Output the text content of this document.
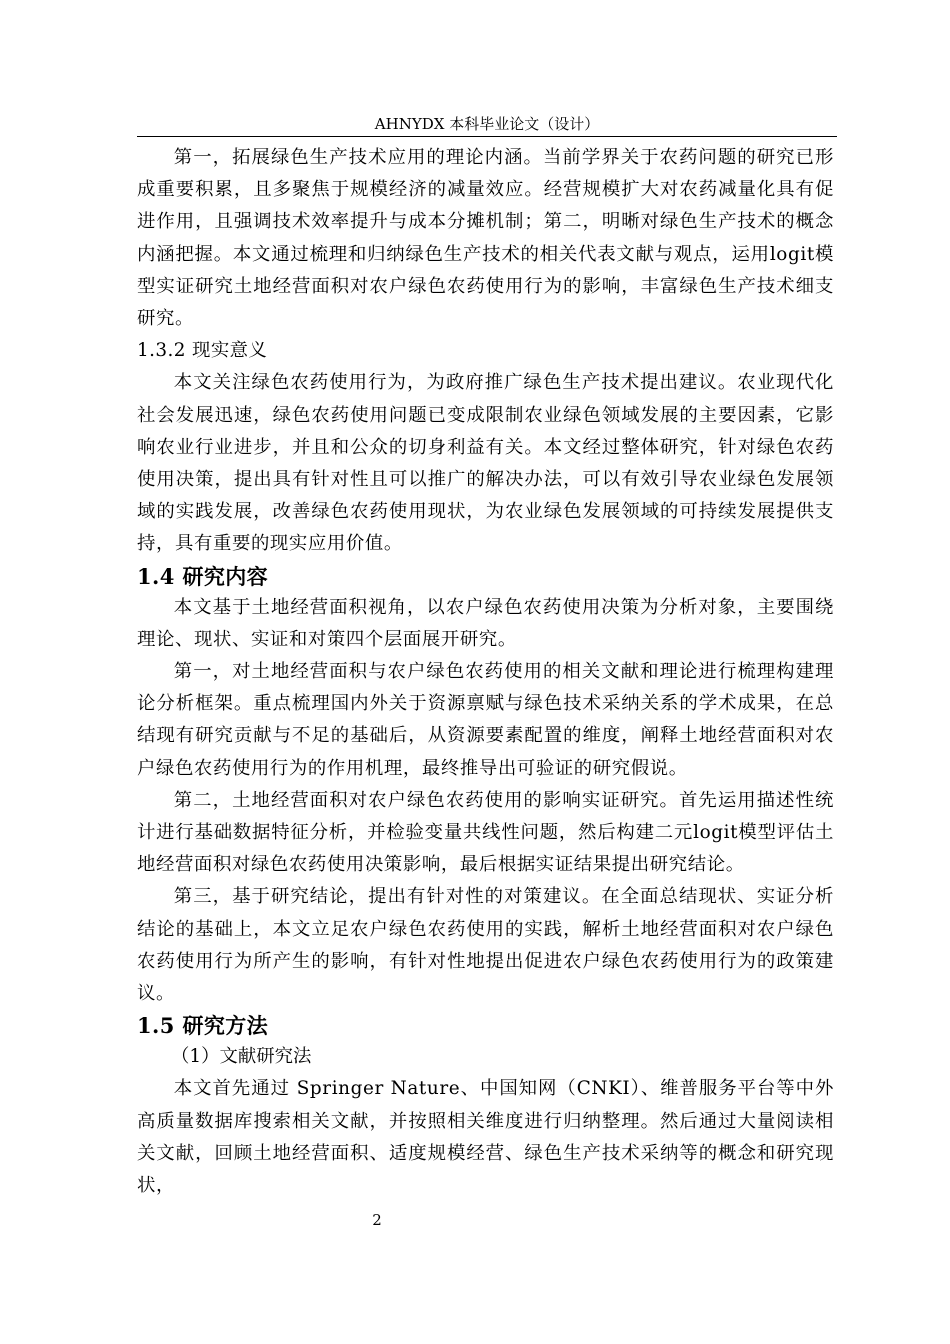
AHNYDX 本科毕业论文（设计）

第一，拓展绿色生产技术应用的理论内涵。当前学界关于农药问题的研究已形成重要积累，且多聚焦于规模经济的减量效应。经营规模扩大对农药减量化具有促进作用，且强调技术效率提升与成本分摊机制；第二，明晰对绿色生产技术的概念内涵把握。本文通过梳理和归纳绿色生产技术的相关代表文献与观点，运用logit模型实证研究土地经营面积对农户绿色农药使用行为的影响，丰富绿色生产技术细支研究。

1.3.2 现实意义

本文关注绿色农药使用行为，为政府推广绿色生产技术提出建议。农业现代化社会发展迅速，绿色农药使用问题已变成限制农业绿色领域发展的主要因素，它影响农业行业进步，并且和公众的切身利益有关。本文经过整体研究，针对绿色农药使用决策，提出具有针对性且可以推广的解决办法，可以有效引导农业绿色发展领域的实践发展，改善绿色农药使用现状，为农业绿色发展领域的可持续发展提供支持，具有重要的现实应用价值。

1.4 研究内容

本文基于土地经营面积视角，以农户绿色农药使用决策为分析对象，主要围绕理论、现状、实证和对策四个层面展开研究。

第一，对土地经营面积与农户绿色农药使用的相关文献和理论进行梳理构建理论分析框架。重点梳理国内外关于资源禀赋与绿色技术采纳关系的学术成果，在总结现有研究贡献与不足的基础后，从资源要素配置的维度，阐释土地经营面积对农户绿色农药使用行为的作用机理，最终推导出可验证的研究假说。

第二，土地经营面积对农户绿色农药使用的影响实证研究。首先运用描述性统计进行基础数据特征分析，并检验变量共线性问题，然后构建二元logit模型评估土地经营面积对绿色农药使用决策影响，最后根据实证结果提出研究结论。

第三，基于研究结论，提出有针对性的对策建议。在全面总结现状、实证分析结论的基础上，本文立足农户绿色农药使用的实践，解析土地经营面积对农户绿色农药使用行为所产生的影响，有针对性地提出促进农户绿色农药使用行为的政策建议。

1.5 研究方法
（1）文献研究法

本文首先通过 Springer Nature、中国知网（CNKI）、维普服务平台等中外高质量数据库搜索相关文献，并按照相关维度进行归纳整理。然后通过大量阅读相关文献，回顾土地经营面积、适度规模经营、绿色生产技术采纳等的概念和研究现状，

2
